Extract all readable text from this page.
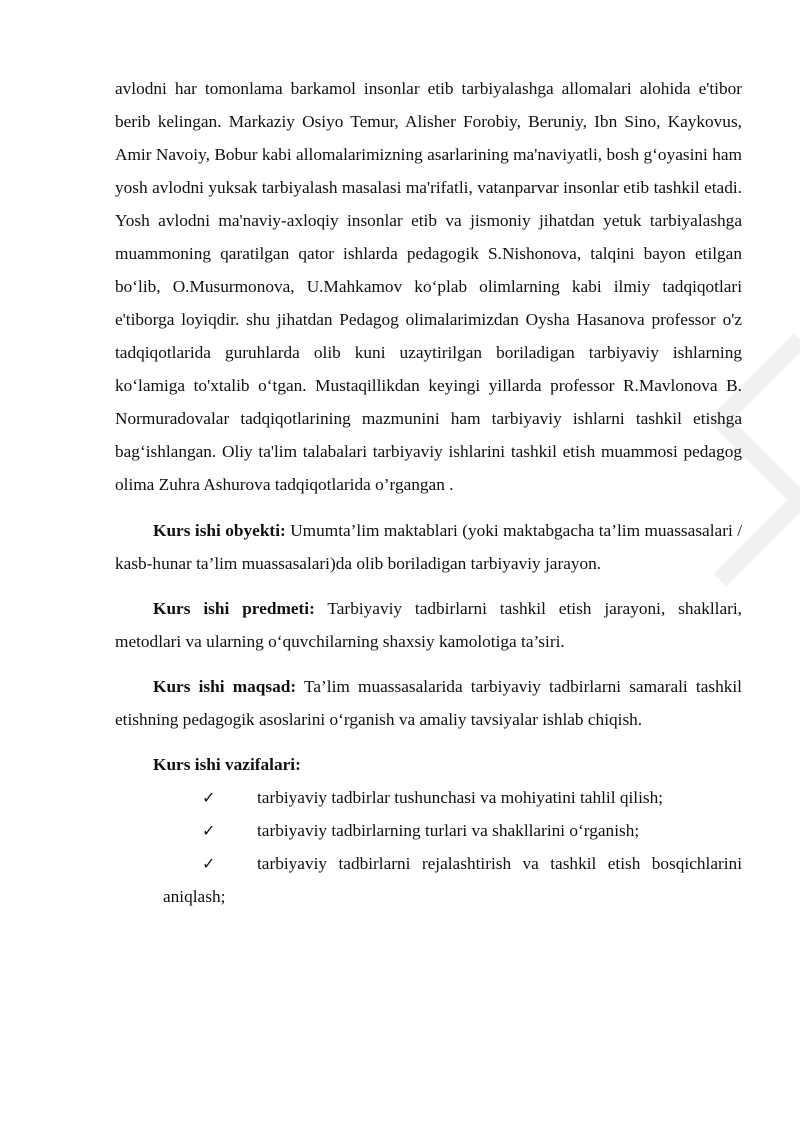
avlodni har tomonlama barkamol insonlar etib tarbiyalashga allomalari alohida e'tibor berib kelingan. Markaziy Osiyo Temur, Alisher Forobiy, Beruniy, Ibn Sino, Kaykovus, Amir Navoiy, Bobur kabi allomalarimizning asarlarining ma'naviyatli, bosh g‘oyasini ham yosh avlodni yuksak tarbiyalash masalasi ma'rifatli, vatanparvar insonlar etib tashkil etadi. Yosh avlodni ma'naviy-axloqiy insonlar etib va jismoniy jihatdan yetuk tarbiyalashga muammoning qaratilgan qator ishlarda pedagogik S.Nishonova, talqini bayon etilgan bo‘lib, O.Musurmonova, U.Mahkamov ko‘plab olimlarning kabi ilmiy tadqiqotlari e'tiborga loyiqdir. shu jihatdan Pedagog olimalarimizdan Oysha Hasanova professor o'z tadqiqotlarida guruhlarda olib kuni uzaytirilgan boriladigan tarbiyaviy ishlarning ko‘lamiga to'xtalib o‘tgan. Mustaqillikdan keyingi yillarda professor R.Mavlonova B. Normuradovalar tadqiqotlarining mazmunini ham tarbiyaviy ishlarni tashkil etishga bag‘ishlangan. Oliy ta'lim talabalari tarbiyaviy ishlarini tashkil etish muammosi pedagog olima Zuhra Ashurova tadqiqotlarida o’rgangan .

Kurs ishi obyekti: Umumta’lim maktablari (yoki maktabgacha ta’lim muassasalari / kasb-hunar ta’lim muassasalari)da olib boriladigan tarbiyaviy jarayon.

Kurs ishi predmeti: Tarbiyaviy tadbirlarni tashkil etish jarayoni, shakllari, metodlari va ularning o‘quvchilarning shaxsiy kamolotiga ta’siri.

Kurs ishi maqsad: Ta’lim muassasalarida tarbiyaviy tadbirlarni samarali tashkil etishning pedagogik asoslarini o‘rganish va amaliy tavsiyalar ishlab chiqish.

Kurs ishi vazifalari:
✓ tarbiyaviy tadbirlar tushunchasi va mohiyatini tahlil qilish;
✓ tarbiyaviy tadbirlarning turlari va shakllarini o‘rganish;
✓ tarbiyaviy tadbirlarni rejalashtirish va tashkil etish bosqichlarini aniqlash;
